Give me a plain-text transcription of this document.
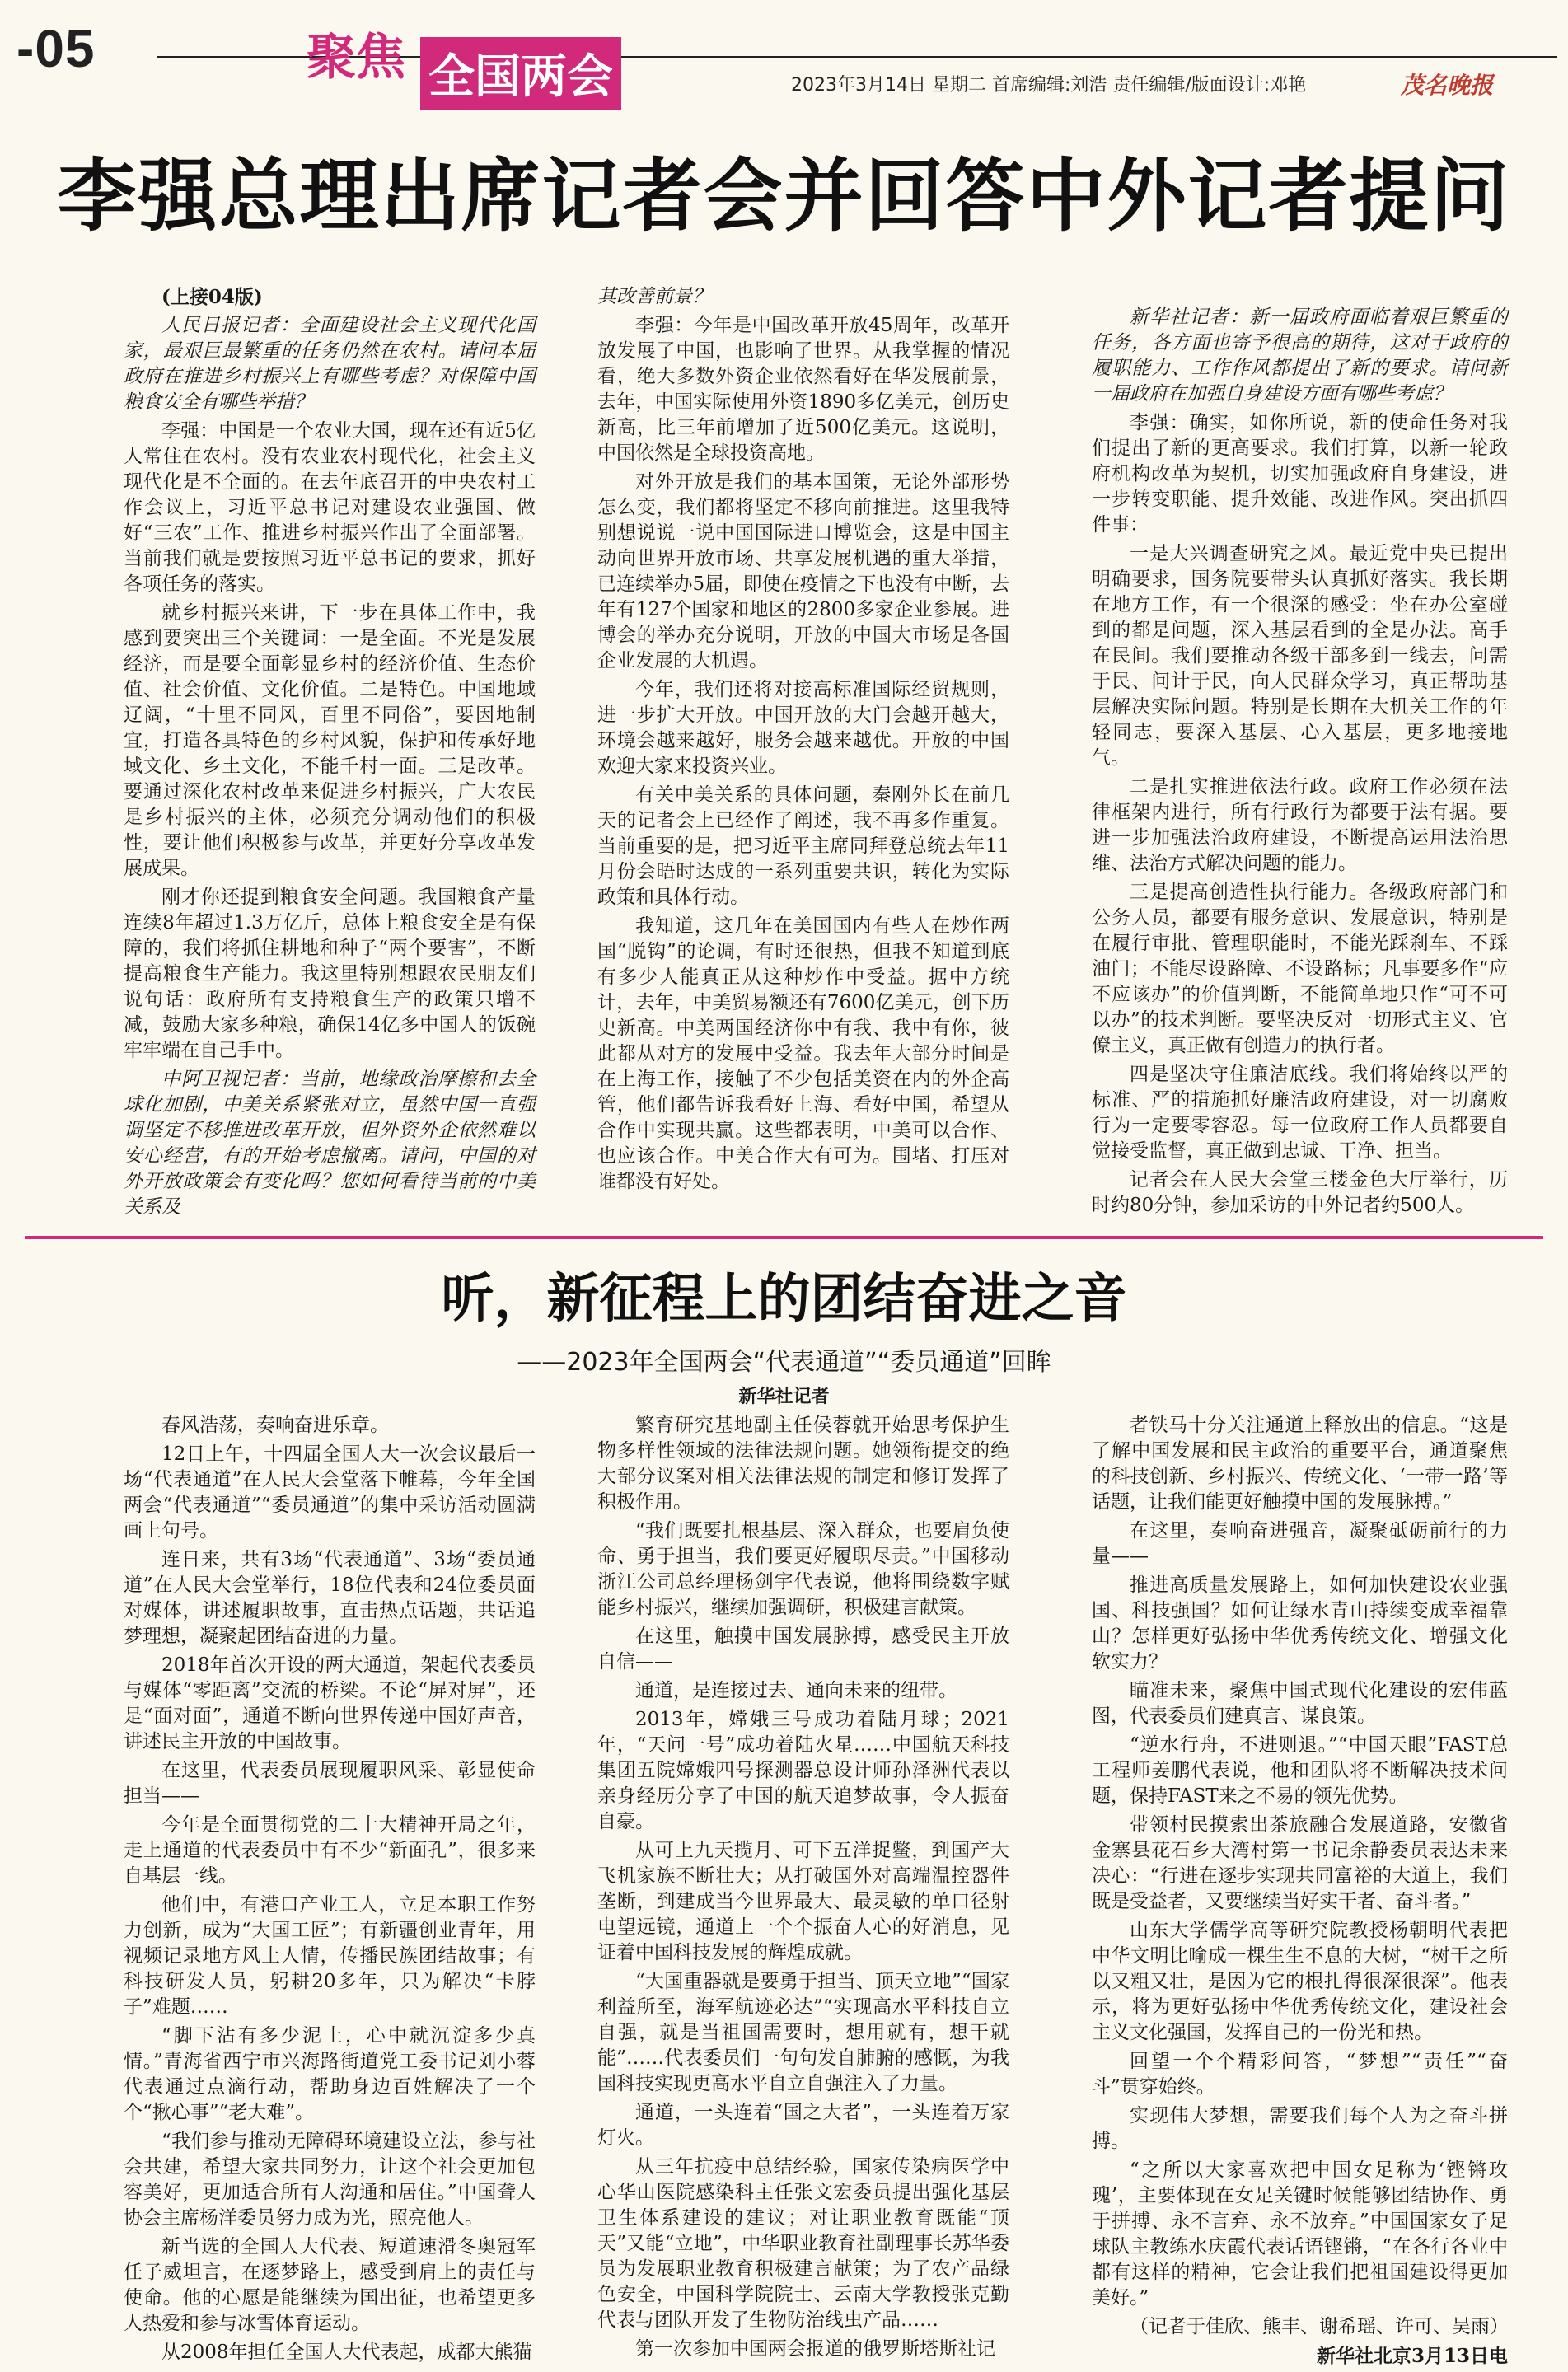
-05	聚焦 全国两会	2023年3月14日 星期二 首席编辑:刘浩 责任编辑/版面设计:邓艳	茂名晚报
李强总理出席记者会并回答中外记者提问

(上接04版)

人民日报记者：全面建设社会主义现代化国家，最艰巨最繁重的任务仍然在农村。请问本届政府在推进乡村振兴上有哪些考虑？对保障中国粮食安全有哪些举措？

李强：中国是一个农业大国，现在还有近5亿人常住在农村。没有农业农村现代化，社会主义现代化是不全面的。在去年底召开的中央农村工作会议上，习近平总书记对建设农业强国、做好“三农”工作、推进乡村振兴作出了全面部署。当前我们就是要按照习近平总书记的要求，抓好各项任务的落实。

就乡村振兴来讲，下一步在具体工作中，我感到要突出三个关键词：一是全面。不光是发展经济，而是要全面彰显乡村的经济价值、生态价值、社会价值、文化价值。二是特色。中国地域辽阔，“十里不同风，百里不同俗”，要因地制宜，打造各具特色的乡村风貌，保护和传承好地域文化、乡土文化，不能千村一面。三是改革。要通过深化农村改革来促进乡村振兴，广大农民是乡村振兴的主体，必须充分调动他们的积极性，要让他们积极参与改革，并更好分享改革发展成果。

刚才你还提到粮食安全问题。我国粮食产量连续8年超过1.3万亿斤，总体上粮食安全是有保障的，我们将抓住耕地和种子“两个要害”，不断提高粮食生产能力。我这里特别想跟农民朋友们说句话：政府所有支持粮食生产的政策只增不减，鼓励大家多种粮，确保14亿多中国人的饭碗牢牢端在自己手中。

中阿卫视记者：当前，地缘政治摩擦和去全球化加剧，中美关系紧张对立，虽然中国一直强调坚定不移推进改革开放，但外资外企依然难以安心经营，有的开始考虑撤离。请问，中国的对外开放政策会有变化吗？您如何看待当前的中美关系及

其改善前景？

李强：今年是中国改革开放45周年，改革开放发展了中国，也影响了世界。从我掌握的情况看，绝大多数外资企业依然看好在华发展前景，去年，中国实际使用外资1890多亿美元，创历史新高，比三年前增加了近500亿美元。这说明，中国依然是全球投资高地。

对外开放是我们的基本国策，无论外部形势怎么变，我们都将坚定不移向前推进。这里我特别想说说一说中国国际进口博览会，这是中国主动向世界开放市场、共享发展机遇的重大举措，已连续举办5届，即使在疫情之下也没有中断，去年有127个国家和地区的2800多家企业参展。进博会的举办充分说明，开放的中国大市场是各国企业发展的大机遇。

今年，我们还将对接高标准国际经贸规则，进一步扩大开放。中国开放的大门会越开越大，环境会越来越好，服务会越来越优。开放的中国欢迎大家来投资兴业。

有关中美关系的具体问题，秦刚外长在前几天的记者会上已经作了阐述，我不再多作重复。当前重要的是，把习近平主席同拜登总统去年11月份会晤时达成的一系列重要共识，转化为实际政策和具体行动。

我知道，这几年在美国国内有些人在炒作两国“脱钩”的论调，有时还很热，但我不知道到底有多少人能真正从这种炒作中受益。据中方统计，去年，中美贸易额还有7600亿美元，创下历史新高。中美两国经济你中有我、我中有你，彼此都从对方的发展中受益。我去年大部分时间是在上海工作，接触了不少包括美资在内的外企高管，他们都告诉我看好上海、看好中国，希望从合作中实现共赢。这些都表明，中美可以合作、也应该合作。中美合作大有可为。围堵、打压对谁都没有好处。

新华社记者：新一届政府面临着艰巨繁重的任务，各方面也寄予很高的期待，这对于政府的履职能力、工作作风都提出了新的要求。请问新一届政府在加强自身建设方面有哪些考虑？

李强：确实，如你所说，新的使命任务对我们提出了新的更高要求。我们打算，以新一轮政府机构改革为契机，切实加强政府自身建设，进一步转变职能、提升效能、改进作风。突出抓四件事：

一是大兴调查研究之风。最近党中央已提出明确要求，国务院要带头认真抓好落实。我长期在地方工作，有一个很深的感受：坐在办公室碰到的都是问题，深入基层看到的全是办法。高手在民间。我们要推动各级干部多到一线去，问需于民、问计于民，向人民群众学习，真正帮助基层解决实际问题。特别是长期在大机关工作的年轻同志，要深入基层、心入基层，更多地接地气。

二是扎实推进依法行政。政府工作必须在法律框架内进行，所有行政行为都要于法有据。要进一步加强法治政府建设，不断提高运用法治思维、法治方式解决问题的能力。

三是提高创造性执行能力。各级政府部门和公务人员，都要有服务意识、发展意识，特别是在履行审批、管理职能时，不能光踩刹车、不踩油门；不能尽设路障、不设路标；凡事要多作“应不应该办”的价值判断，不能简单地只作“可不可以办”的技术判断。要坚决反对一切形式主义、官僚主义，真正做有创造力的执行者。

四是坚决守住廉洁底线。我们将始终以严的标准、严的措施抓好廉洁政府建设，对一切腐败行为一定要零容忍。每一位政府工作人员都要自觉接受监督，真正做到忠诚、干净、担当。

记者会在人民大会堂三楼金色大厅举行，历时约80分钟，参加采访的中外记者约500人。

听，新征程上的团结奋进之音
——2023年全国两会“代表通道”“委员通道”回眸
新华社记者

春风浩荡，奏响奋进乐章。

12日上午，十四届全国人大一次会议最后一场“代表通道”在人民大会堂落下帷幕，今年全国两会“代表通道”“委员通道”的集中采访活动圆满画上句号。

连日来，共有3场“代表通道”、3场“委员通道”在人民大会堂举行，18位代表和24位委员面对媒体，讲述履职故事，直击热点话题，共话追梦理想，凝聚起团结奋进的力量。

2018年首次开设的两大通道，架起代表委员与媒体“零距离”交流的桥梁。不论“屏对屏”，还是“面对面”，通道不断向世界传递中国好声音，讲述民主开放的中国故事。

在这里，代表委员展现履职风采、彰显使命担当——

今年是全面贯彻党的二十大精神开局之年，走上通道的代表委员中有不少“新面孔”，很多来自基层一线。

他们中，有港口产业工人，立足本职工作努力创新，成为“大国工匠”；有新疆创业青年，用视频记录地方风土人情，传播民族团结故事；有科技研发人员，躬耕20多年，只为解决“卡脖子”难题……

“脚下沾有多少泥土，心中就沉淀多少真情。”青海省西宁市兴海路街道党工委书记刘小蓉代表通过点滴行动，帮助身边百姓解决了一个个“揪心事”“老大难”。

“我们参与推动无障碍环境建设立法，参与社会共建，希望大家共同努力，让这个社会更加包容美好，更加适合所有人沟通和居住。”中国聋人协会主席杨洋委员努力成为光，照亮他人。

新当选的全国人大代表、短道速滑冬奥冠军任子威坦言，在逐梦路上，感受到肩上的责任与使命。他的心愿是能继续为国出征，也希望更多人热爱和参与冰雪体育运动。

从2008年担任全国人大代表起，成都大熊猫

繁育研究基地副主任侯蓉就开始思考保护生物多样性领域的法律法规问题。她领衔提交的绝大部分议案对相关法律法规的制定和修订发挥了积极作用。

“我们既要扎根基层、深入群众，也要肩负使命、勇于担当，我们要更好履职尽责。”中国移动浙江公司总经理杨剑宇代表说，他将围绕数字赋能乡村振兴，继续加强调研，积极建言献策。

在这里，触摸中国发展脉搏，感受民主开放自信——

通道，是连接过去、通向未来的纽带。

2013年，嫦娥三号成功着陆月球；2021年，“天问一号”成功着陆火星……中国航天科技集团五院嫦娥四号探测器总设计师孙泽洲代表以亲身经历分享了中国的航天追梦故事，令人振奋自豪。

从可上九天揽月、可下五洋捉鳖，到国产大飞机家族不断壮大；从打破国外对高端温控器件垄断，到建成当今世界最大、最灵敏的单口径射电望远镜，通道上一个个振奋人心的好消息，见证着中国科技发展的辉煌成就。

“大国重器就是要勇于担当、顶天立地”“国家利益所至，海军航迹必达”“实现高水平科技自立自强，就是当祖国需要时，想用就有，想干就能”……代表委员们一句句发自肺腑的感慨，为我国科技实现更高水平自立自强注入了力量。

通道，一头连着“国之大者”，一头连着万家灯火。

从三年抗疫中总结经验，国家传染病医学中心华山医院感染科主任张文宏委员提出强化基层卫生体系建设的建议；对让职业教育既能“顶天”又能“立地”，中华职业教育社副理事长苏华委员为发展职业教育积极建言献策；为了农产品绿色安全，中国科学院院士、云南大学教授张克勤代表与团队开发了生物防治线虫产品……

第一次参加中国两会报道的俄罗斯塔斯社记

者铁马十分关注通道上释放出的信息。“这是了解中国发展和民主政治的重要平台，通道聚焦的科技创新、乡村振兴、传统文化、‘一带一路’等话题，让我们能更好触摸中国的发展脉搏。”

在这里，奏响奋进强音，凝聚砥砺前行的力量——

推进高质量发展路上，如何加快建设农业强国、科技强国？如何让绿水青山持续变成幸福靠山？怎样更好弘扬中华优秀传统文化、增强文化软实力？

瞄准未来，聚焦中国式现代化建设的宏伟蓝图，代表委员们建真言、谋良策。

“逆水行舟，不进则退。”“中国天眼”FAST总工程师姜鹏代表说，他和团队将不断解决技术问题，保持FAST来之不易的领先优势。

带领村民摸索出茶旅融合发展道路，安徽省金寨县花石乡大湾村第一书记余静委员表达未来决心：“行进在逐步实现共同富裕的大道上，我们既是受益者，又要继续当好实干者、奋斗者。”

山东大学儒学高等研究院教授杨朝明代表把中华文明比喻成一棵生生不息的大树，“树干之所以又粗又壮，是因为它的根扎得很深很深”。他表示，将为更好弘扬中华优秀传统文化，建设社会主义文化强国，发挥自己的一份光和热。

回望一个个精彩问答，“梦想”“责任”“奋斗”贯穿始终。

实现伟大梦想，需要我们每个人为之奋斗拼搏。

“之所以大家喜欢把中国女足称为‘铿锵玫瑰’，主要体现在女足关键时候能够团结协作、勇于拼搏、永不言弃、永不放弃。”中国国家女子足球队主教练水庆霞代表话语铿锵，“在各行各业中都有这样的精神，它会让我们把祖国建设得更加美好。”

（记者于佳欣、熊丰、谢希瑶、许可、吴雨）

新华社北京3月13日电
